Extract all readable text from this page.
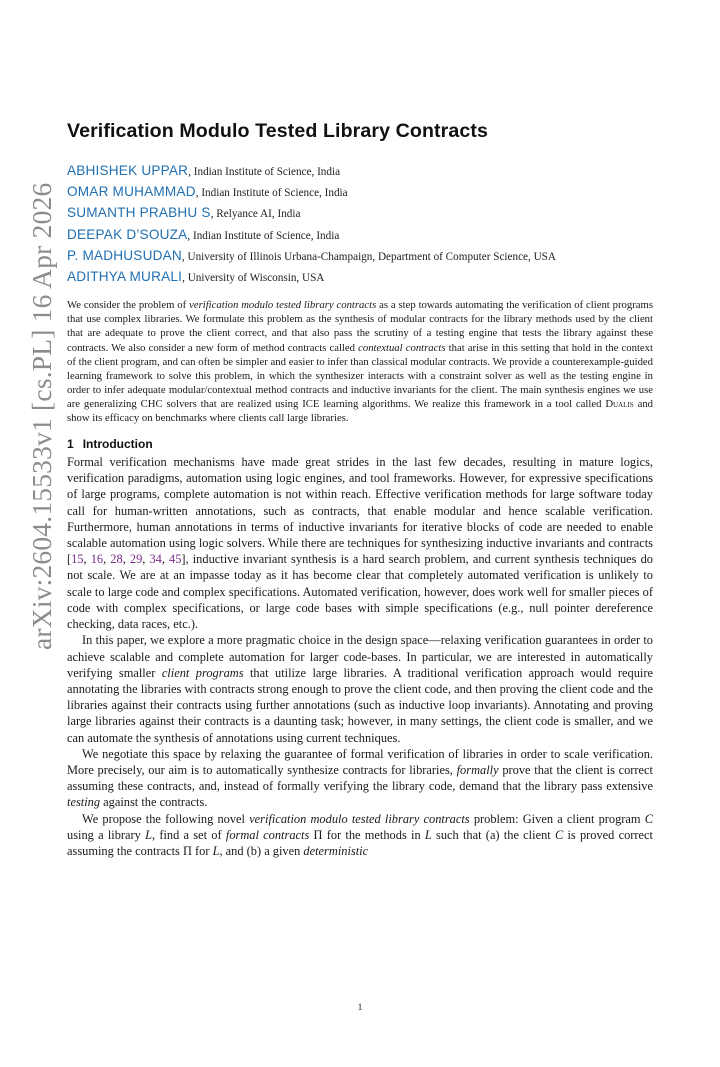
arXiv:2604.15533v1 [cs.PL] 16 Apr 2026
Verification Modulo Tested Library Contracts
ABHISHEK UPPAR, Indian Institute of Science, India
OMAR MUHAMMAD, Indian Institute of Science, India
SUMANTH PRABHU S, Relyance AI, India
DEEPAK D’SOUZA, Indian Institute of Science, India
P. MADHUSUDAN, University of Illinois Urbana-Champaign, Department of Computer Science, USA
ADITHYA MURALI, University of Wisconsin, USA

We consider the problem of verification modulo tested library contracts as a step towards automating the verification of client programs that use complex libraries. We formulate this problem as the synthesis of modular contracts for the library methods used by the client that are adequate to prove the client correct, and that also pass the scrutiny of a testing engine that tests the library against these contracts. We also consider a new form of method contracts called contextual contracts that arise in this setting that hold in the context of the client program, and can often be simpler and easier to infer than classical modular contracts. We provide a counterexample-guided learning framework to solve this problem, in which the synthesizer interacts with a constraint solver as well as the testing engine in order to infer adequate modular/contextual method contracts and inductive invariants for the client. The main synthesis engines we use are generalizing CHC solvers that are realized using ICE learning algorithms. We realize this framework in a tool called Dualis and show its efficacy on benchmarks where clients call large libraries.

1 Introduction

Formal verification mechanisms have made great strides in the last few decades, resulting in mature logics, verification paradigms, automation using logic engines, and tool frameworks. However, for expressive specifications of large programs, complete automation is not within reach. Effective verification methods for large software today call for human-written annotations, such as contracts, that enable modular and hence scalable verification. Furthermore, human annotations in terms of inductive invariants for iterative blocks of code are needed to enable scalable automation using logic solvers. While there are techniques for synthesizing inductive invariants and contracts [15, 16, 28, 29, 34, 45], inductive invariant synthesis is a hard search problem, and current synthesis techniques do not scale. We are at an impasse today as it has become clear that completely automated verification is unlikely to scale to large code and complex specifications. Automated verification, however, does work well for smaller pieces of code with complex specifications, or large code bases with simple specifications (e.g., null pointer dereference checking, data races, etc.).

In this paper, we explore a more pragmatic choice in the design space—relaxing verification guarantees in order to achieve scalable and complete automation for larger code-bases. In particular, we are interested in automatically verifying smaller client programs that utilize large libraries. A traditional verification approach would require annotating the libraries with contracts strong enough to prove the client code, and then proving the client code and the libraries against their contracts using further annotations (such as inductive loop invariants). Annotating and proving large libraries against their contracts is a daunting task; however, in many settings, the client code is smaller, and we can automate the synthesis of annotations using current techniques.

We negotiate this space by relaxing the guarantee of formal verification of libraries in order to scale verification. More precisely, our aim is to automatically synthesize contracts for libraries, formally prove that the client is correct assuming these contracts, and, instead of formally verifying the library code, demand that the library pass extensive testing against the contracts.

We propose the following novel verification modulo tested library contracts problem: Given a client program C using a library L, find a set of formal contracts Π for the methods in L such that (a) the client C is proved correct assuming the contracts Π for L, and (b) a given deterministic

1
